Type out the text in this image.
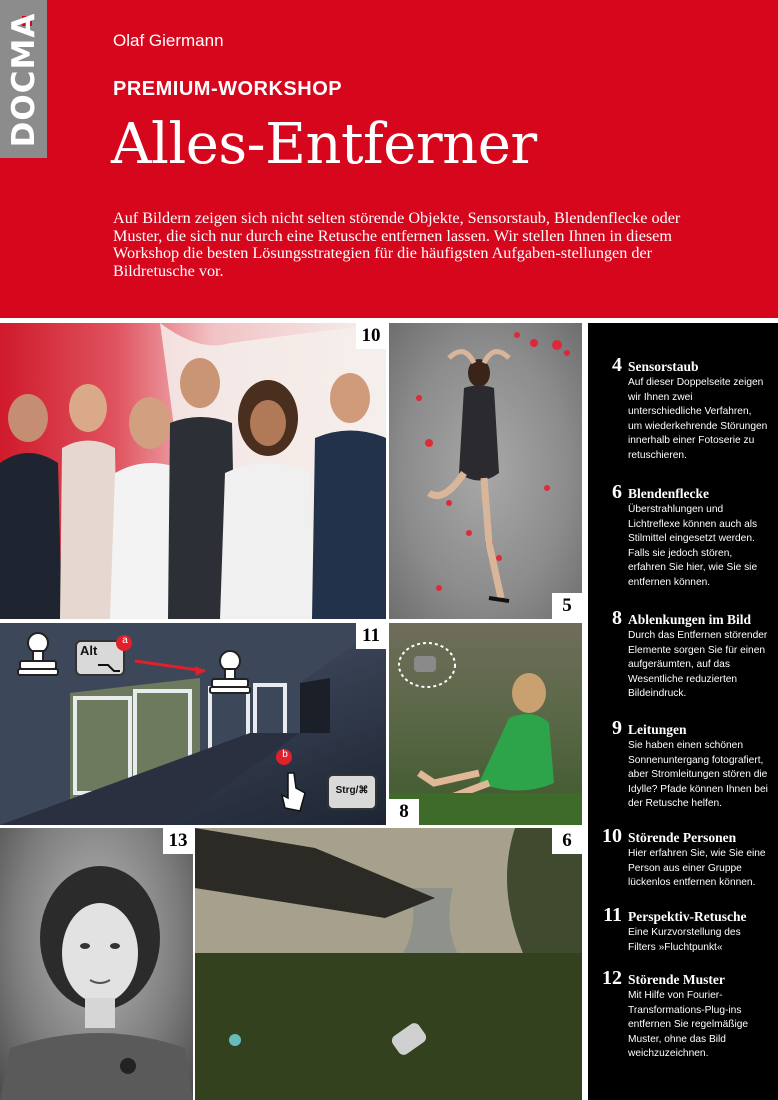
DOCMA	Olaf Giermann
PREMIUM-WORKSHOP
Alles-Entferner
Auf Bildern zeigen sich nicht selten störende Objekte, Sensorstaub, Blendenflecke oder Muster, die sich nur durch eine Retusche entfernen lassen. Wir stellen Ihnen in diesem Workshop die besten Lösungsstrategien für die häufigsten Aufgaben-stellungen der Bildretusche vor.
10
5
Alt
a
b
Strg/⌘
11
8
13	6
4 Sensorstaub
Auf dieser Doppelseite zeigen wir Ihnen zwei unterschiedliche Verfahren, um wiederkehrende Störungen innerhalb einer Fotoserie zu retuschieren.
6 Blendenflecke
Überstrahlungen und Lichtreflexe können auch als Stilmittel eingesetzt werden. Falls sie jedoch stören, erfahren Sie hier, wie Sie sie entfernen können.
8 Ablenkungen im Bild
Durch das Entfernen störender Elemente sorgen Sie für einen aufgeräumten, auf das Wesentliche reduzierten Bildeindruck.
9 Leitungen
Sie haben einen schönen Sonnenuntergang fotografiert, aber Stromleitungen stören die Idylle? Pfade können Ihnen bei der Retusche helfen.
10 Störende Personen
Hier erfahren Sie, wie Sie eine Person aus einer Gruppe lückenlos entfernen können.
11 Perspektiv-Retusche
Eine Kurzvorstellung des Filters »Fluchtpunkt«
12 Störende Muster
Mit Hilfe von Fourier-Transformations-Plug-ins entfernen Sie regelmäßige Muster, ohne das Bild weichzuzeichnen.
